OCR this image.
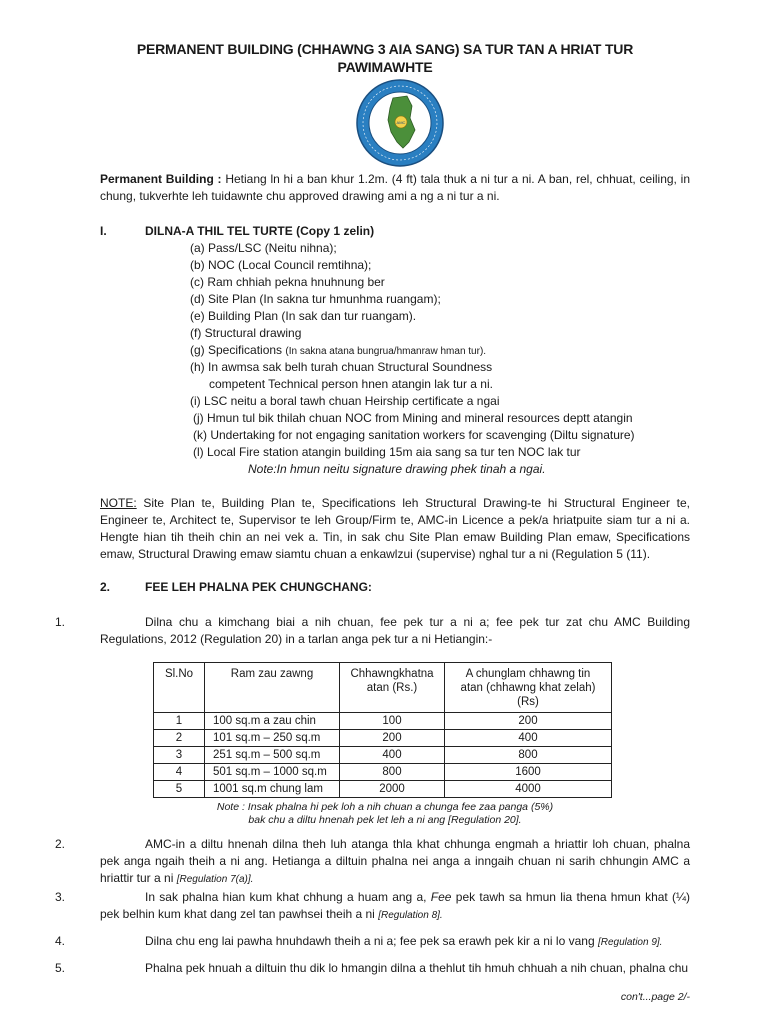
PERMANENT BUILDING (CHHAWNG 3 AIA SANG) SA TUR TAN A HRIAT TUR
PAWIMAWHTE
AMC
Permanent Building : Hetiang ln hi a ban khur 1.2m. (4 ft) tala thuk a ni tur a ni. A ban, rel, chhuat, ceiling, in chung, tukverhte leh tuidawnte chu approved drawing ami a ng a ni tur a ni.
I.	DILNA-A THIL TEL TURTE (Copy 1 zelin)
(a) Pass/LSC (Neitu nihna);
(b) NOC (Local Council remtihna);
(c) Ram chhiah pekna hnuhnung ber
(d) Site Plan (In sakna tur hmunhma ruangam);
(e) Building Plan (In sak dan tur ruangam).
(f) Structural drawing
(g) Specifications (In sakna atana bungrua/hmanraw hman tur).
(h) In awmsa sak belh turah chuan Structural Soundness
competent Technical person hnen atangin lak tur a ni.
(i) LSC neitu a boral tawh chuan Heirship certificate a ngai
(j) Hmun tul bik thilah chuan NOC from Mining and mineral resources deptt atangin
(k) Undertaking for not engaging sanitation workers for scavenging (Diltu signature)
(l) Local Fire station atangin building 15m aia sang sa tur ten NOC lak tur
Note:In hmun neitu signature drawing phek tinah a ngai.
NOTE: Site Plan te, Building Plan te, Specifications leh Structural Drawing-te hi Structural Engineer te, Engineer te, Architect te, Supervisor te leh Group/Firm te, AMC-in Licence a pek/a hriatpuite siam tur a ni a. Hengte hian tih theih chin an nei vek a. Tin, in sak chu Site Plan emaw Building Plan emaw, Specifications emaw, Structural Drawing emaw siamtu chuan a enkawlzui (supervise) nghal tur a ni (Regulation 5 (11).
2.	FEE LEH PHALNA PEK CHUNGCHANG:
1.	Dilna chu a kimchang biai a nih chuan, fee pek tur a ni a; fee pek tur zat chu AMC Building Regulations, 2012 (Regulation 20) in a tarlan anga pek tur a ni Hetiangin:-
Sl.No	Ram zau zawng	Chhawngkhatna atan (Rs.)	A chunglam chhawng tin atan (chhawng khat zelah) (Rs)
1	100 sq.m a zau chin	100	200
2	101 sq.m – 250 sq.m	200	400
3	251 sq.m – 500 sq.m	400	800
4	501 sq.m – 1000 sq.m	800	1600
5	1001 sq.m chung lam	2000	4000
Note : Insak phalna hi pek loh a nih chuan a chunga fee zaa panga (5%)
bak chu a diltu hnenah pek let leh a ni ang [Regulation 20].
2.	AMC-in a diltu hnenah dilna theh luh atanga thla khat chhunga engmah a hriattir loh chuan, phalna pek anga ngaih theih a ni ang. Hetianga a diltuin phalna nei anga a inngaih chuan ni sarih chhungin AMC a hriattir tur a ni [Regulation 7(a)].
3.	In sak phalna hian kum khat chhung a huam ang a, Fee pek tawh sa hmun lia thena hmun khat (¼) pek belhin kum khat dang zel tan pawhsei theih a ni [Regulation 8].
4.	Dilna chu eng lai pawha hnuhdawh theih a ni a; fee pek sa erawh pek kir a ni lo vang [Regulation 9].
5.	Phalna pek hnuah a diltuin thu dik lo hmangin dilna a thehlut tih hmuh chhuah a nih chuan, phalna chu
con't...page 2/-
